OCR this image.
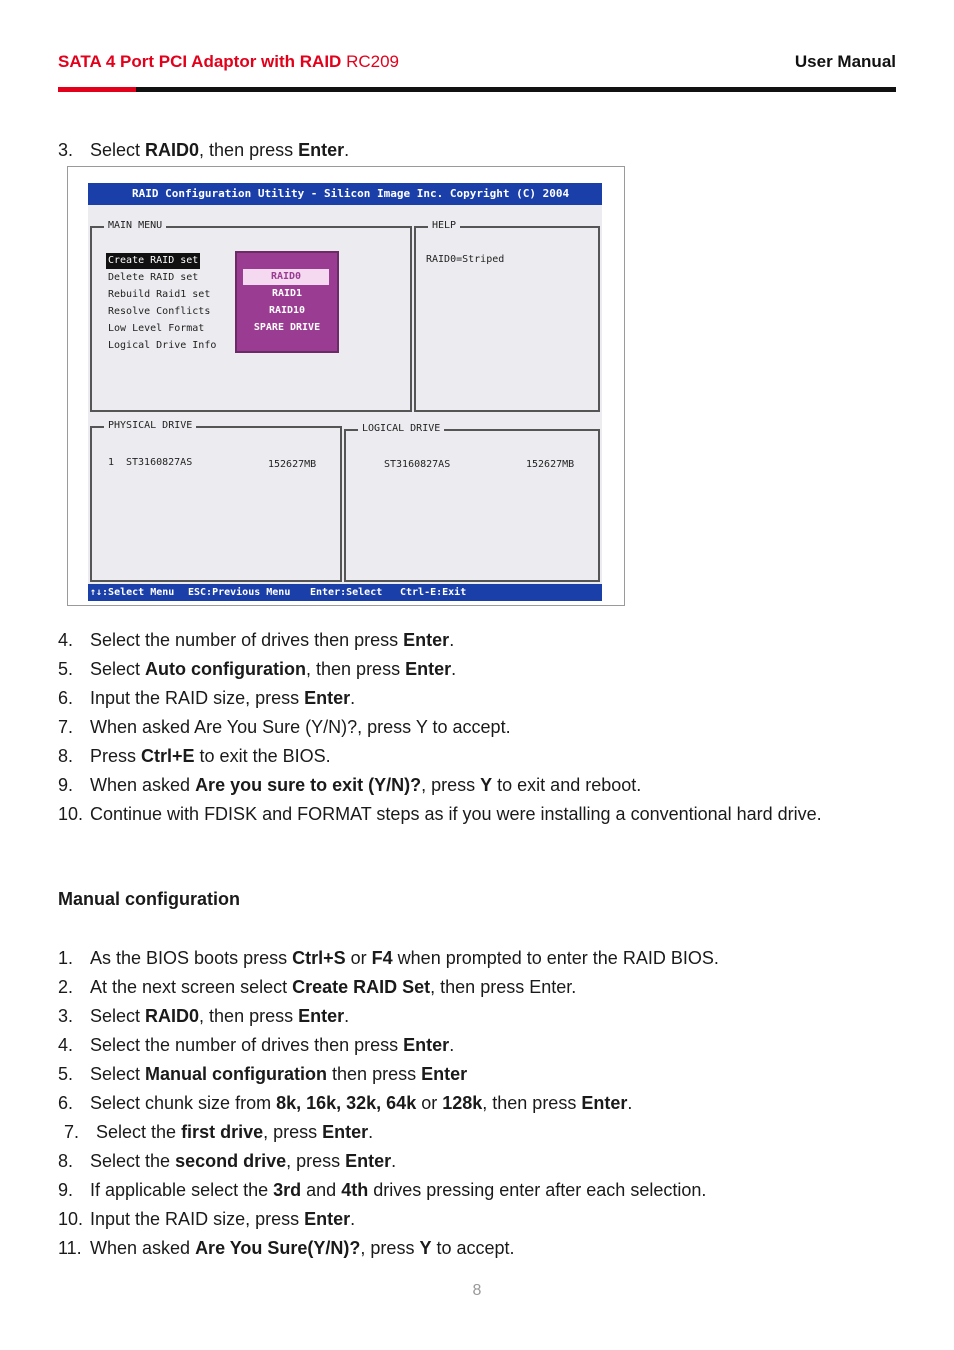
SATA 4 Port PCI Adaptor with RAID RC209	User Manual
3. Select RAID0, then press Enter.
RAID Configuration Utility - Silicon Image Inc. Copyright (C) 2004
MAIN MENU
Create RAID set
Delete RAID set
Rebuild Raid1 set
Resolve Conflicts
Low Level Format
Logical Drive Info
RAID0
RAID1
RAID10
SPARE DRIVE
HELP
RAID0=Striped
PHYSICAL DRIVE
1 ST3160827AS	152627MB
LOGICAL DRIVE
ST3160827AS	152627MB
↑↓:Select Menu ESC:Previous Menu Enter:Select Ctrl-E:Exit
4. Select the number of drives then press Enter.
5. Select Auto configuration, then press Enter.
6. Input the RAID size, press Enter.
7. When asked Are You Sure (Y/N)?, press Y to accept.
8. Press Ctrl+E to exit the BIOS.
9. When asked Are you sure to exit (Y/N)?, press Y to exit and reboot.
10. Continue with FDISK and FORMAT steps as if you were installing a conventional hard drive.
Manual configuration
1. As the BIOS boots press Ctrl+S or F4 when prompted to enter the RAID BIOS.
2. At the next screen select Create RAID Set, then press Enter.
3. Select RAID0, then press Enter.
4. Select the number of drives then press Enter.
5. Select Manual configuration then press Enter
6. Select chunk size from 8k, 16k, 32k, 64k or 128k, then press Enter.
7. Select the first drive, press Enter.
8. Select the second drive, press Enter.
9. If applicable select the 3rd and 4th drives pressing enter after each selection.
10. Input the RAID size, press Enter.
11. When asked Are You Sure(Y/N)?, press Y to accept.
8
